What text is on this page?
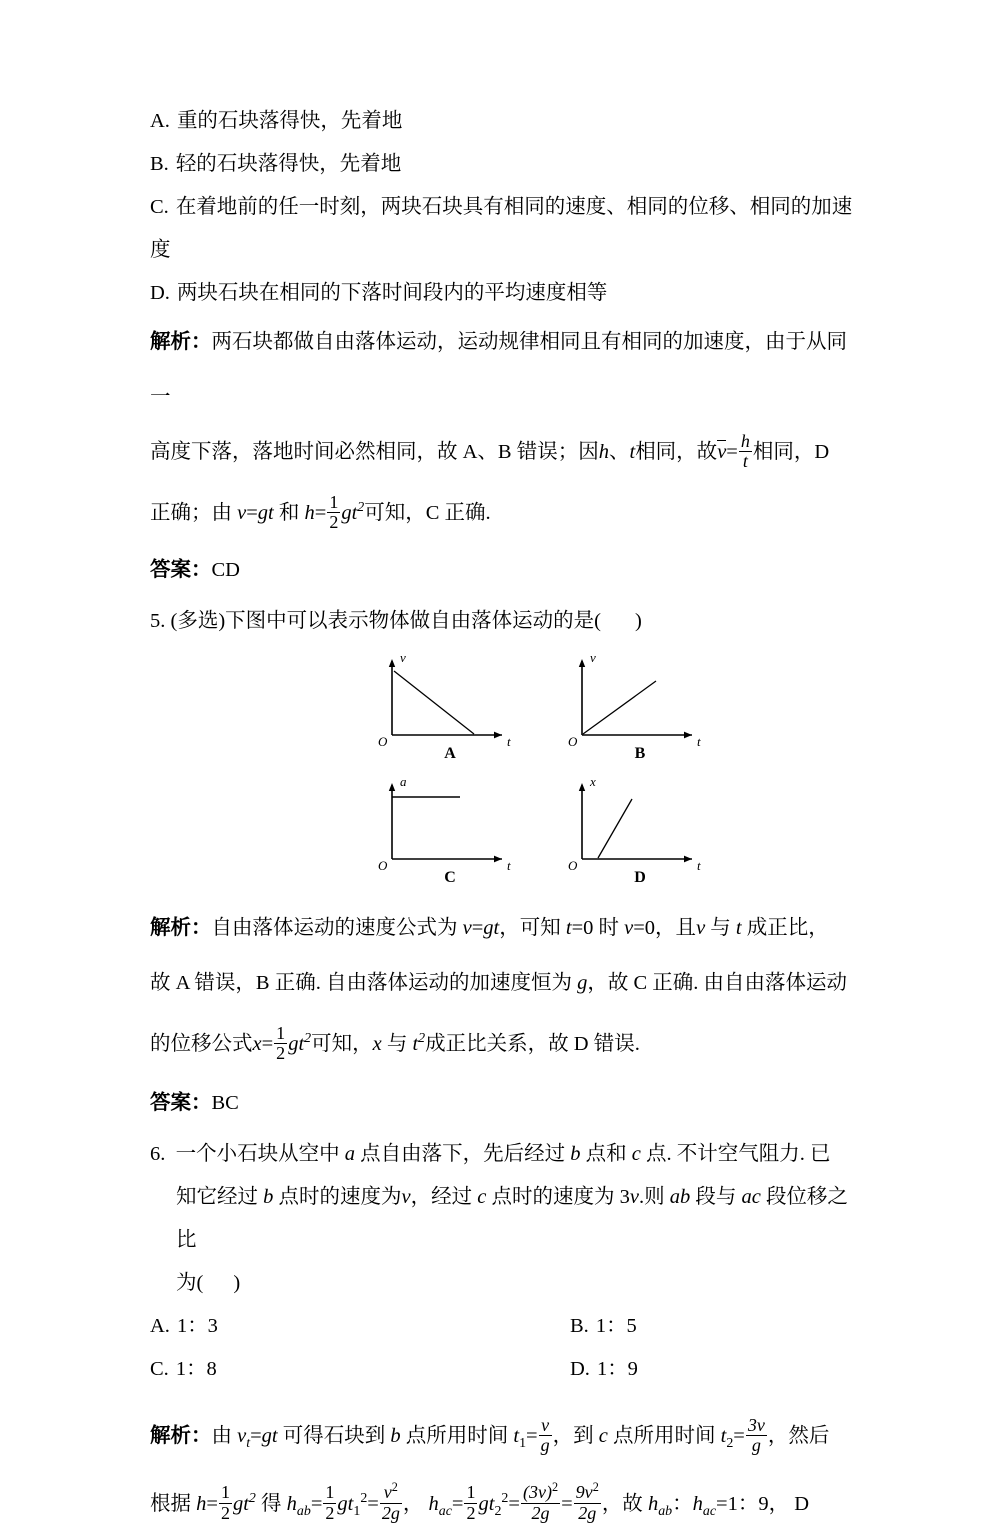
A. 重的石块落得快，先着地
B. 轻的石块落得快，先着地
C. 在着地前的任一时刻，两块石块具有相同的速度、相同的位移、相同的加速
度
D. 两块石块在相同的下落时间段内的平均速度相等
解析：两石块都做自由落体运动，运动规律相同且有相同的加速度，由于从同一
高度下落，落地时间必然相同，故 A、B 错误；因h、t相同，故$v= \frac{h}{t}$ 相同，D
正确；由 v=gt 和 $h= \frac{1}{2} gt^2$可知，C 正确.
答案：CD
5. (多选)下图中可以表示物体做自由落体运动的是( )
O
v
t
A
O
v
t
B
O
a
t
C
O
x
t
D
解析：自由落体运动的速度公式为 v=gt，可知 t=0 时 v=0，且v 与 t 成正比，
故 A 错误，B 正确. 自由落体运动的加速度恒为 g，故 C 正确. 由自由落体运动
的位移公式$x= \frac{1}{2} gt^2$可知，x 与 $t^2$成正比关系，故 D 错误.
答案：BC
6. 一个小石块从空中 a 点自由落下，先后经过 b 点和 c 点. 不计空气阻力. 已
知它经过 b 点时的速度为v，经过 c 点时的速度为 3v.则 ab 段与 ac 段位移之比
为( )
A. 1：3	B. 1：5
C. 1：8	D. 1：9
解析：由 $v_t=gt$ 可得石块到 b 点所用时间 $t_1= \frac{v}{g}$ ，到 c 点所用时间 $t_2= \frac{3v}{g}$ ，然后
根据 $h= \frac{1}{2} gt^2$ 得 $h_{ab}= \frac{1}{2} gt_1^2= \frac{v^2}{2g}$ ， $h_{ac}= \frac{1}{2} gt_2^2= \frac{(3v)^2}{2g} = \frac{9v^2}{2g}$ ，故 $h_{ab}$：$h_{ac}=1$：9， D
